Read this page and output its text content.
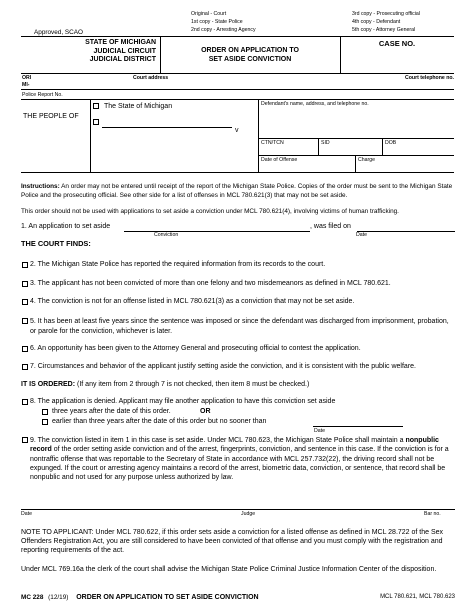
Approved, SCAO
Original - Court
1st copy - State Police
2nd copy - Arresting Agency
3rd copy - Prosecuting official
4th copy - Defendant
5th copy - Attorney General
STATE OF MICHIGAN
JUDICIAL CIRCUIT
JUDICIAL DISTRICT
ORDER ON APPLICATION TO
SET ASIDE CONVICTION
CASE NO.
ORI
MI-
Court address	Court telephone no.
Police Report No.
THE PEOPLE OF
The State of Michigan
v
Defendant's name, address, and telephone no.
CTN/TCN	SID	DOB
Date of Offense	Charge
Instructions: An order may not be entered until receipt of the report of the Michigan State Police. Copies of the order must be sent to the Michigan State Police and the prosecuting official. See other side for a list of offenses in MCL 780.621(3) that may not be set aside.
This order should not be used with applications to set aside a conviction under MCL 780.621(4), involving victims of human trafficking.
1. An application to set aside
Conviction
, was filed on
Date
THE COURT FINDS:
2. The Michigan State Police has reported the required information from its records to the court.
3. The applicant has not been convicted of more than one felony and two misdemeanors as defined in MCL 780.621.
4. The conviction is not for an offense listed in MCL 780.621(3) as a conviction that may not be set aside.
5. It has been at least five years since the sentence was imposed or since the defendant was discharged from imprisonment, probation, or parole for the conviction, whichever is later.
6. An opportunity has been given to the Attorney General and prosecuting official to contest the application.
7. Circumstances and behavior of the applicant justify setting aside the conviction, and it is consistent with the public welfare.
IT IS ORDERED: (If any item from 2 through 7 is not checked, then item 8 must be checked.)
8. The application is denied. Applicant may file another application to have this conviction set aside
three years after the date of this order.	OR
earlier than three years after the date of this order but no sooner than
Date
9. The conviction listed in item 1 in this case is set aside. Under MCL 780.623, the Michigan State Police shall maintain a nonpublic record of the order setting aside conviction and of the arrest, fingerprints, conviction, and sentence in this case. If the conviction is for a nontraffic offense that was reportable to the Secretary of State in accordance with MCL 257.732(22), the driving record shall not be expunged. If the court or arresting agency maintains a record of the arrest, biometric data, conviction, or sentence, that record shall be nonpublic and not used for any purpose unless authorized by law.
Date	Judge	Bar no.
NOTE TO APPLICANT: Under MCL 780.622, if this order sets aside a conviction for a listed offense as defined in MCL 28.722 of the Sex Offenders Registration Act, you are still considered to have been convicted of that offense and you must comply with the registration and reporting requirements of the act.
Under MCL 769.16a the clerk of the court shall advise the Michigan State Police Criminal Justice Information Center of the disposition.
MC 228 (12/19) ORDER ON APPLICATION TO SET ASIDE CONVICTION	MCL 780.621, MCL 780.623
